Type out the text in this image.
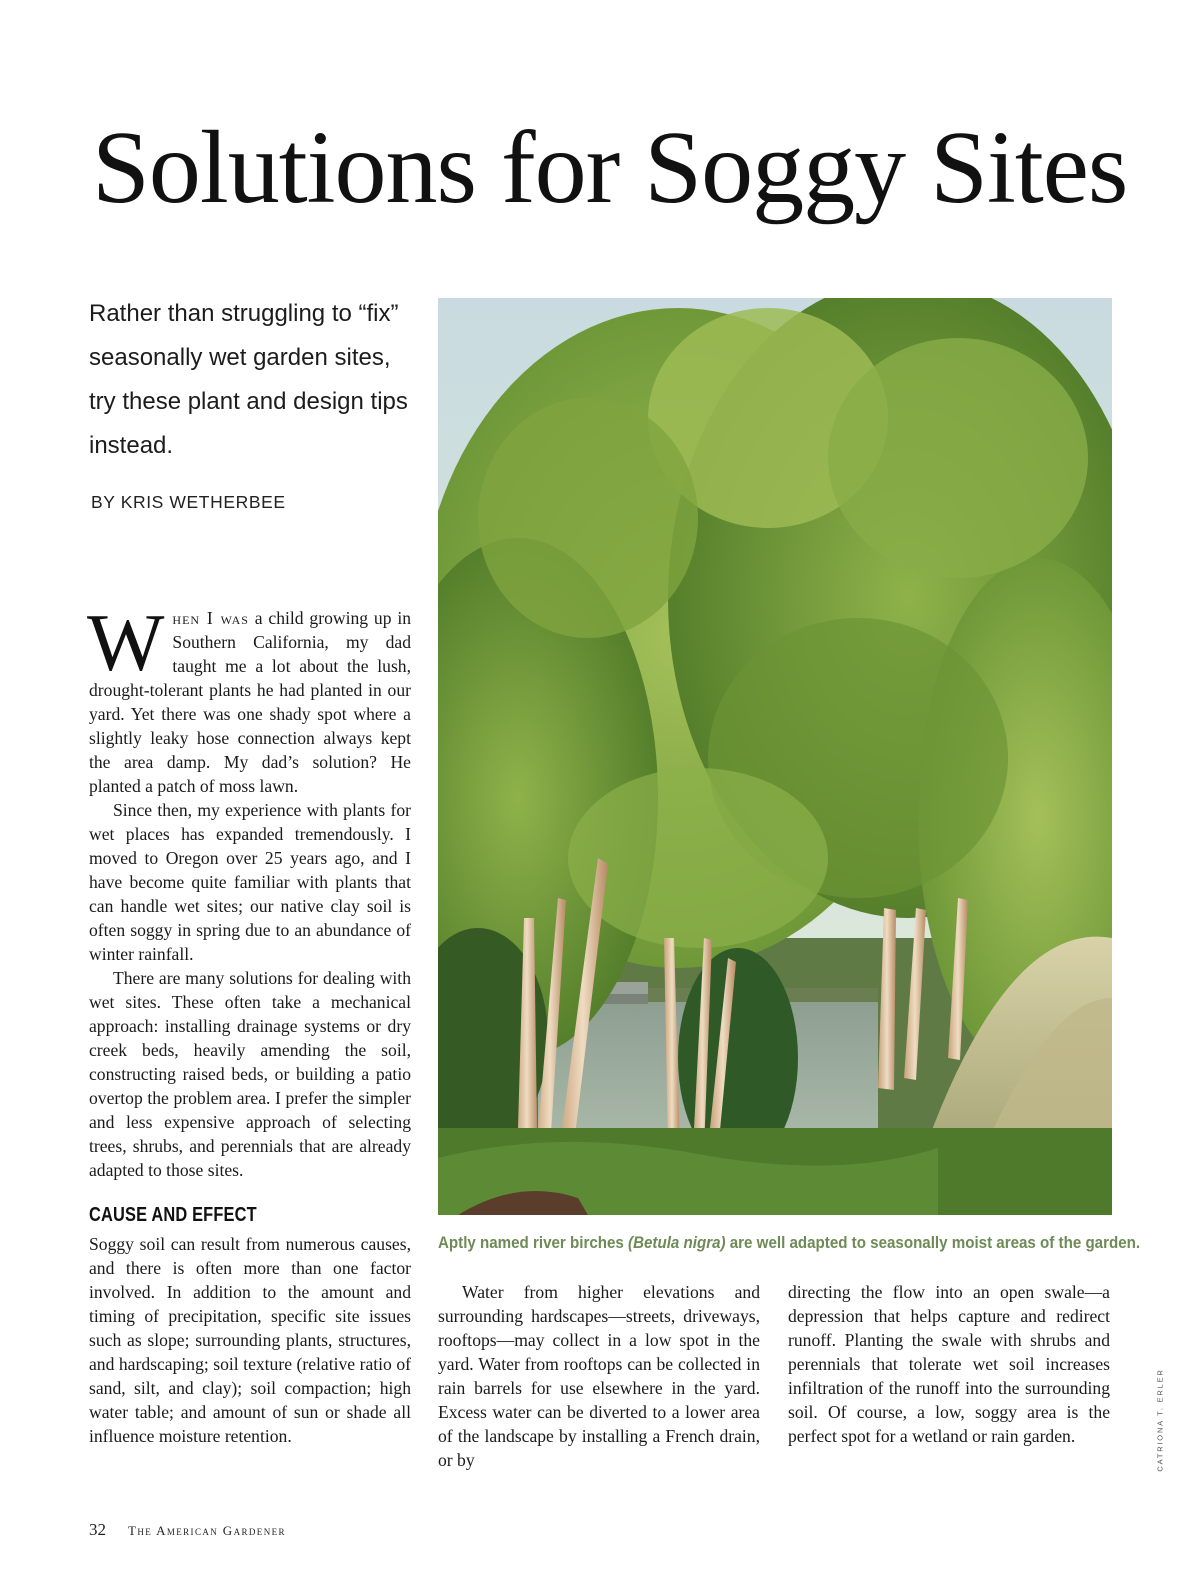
Solutions for Soggy Sites

Rather than struggling to “fix” seasonally wet garden sites, try these plant and design tips instead.

BY KRIS WETHERBEE

When I was a child growing up in Southern California, my dad taught me a lot about the lush, drought-tolerant plants he had planted in our yard. Yet there was one shady spot where a slightly leaky hose connection always kept the area damp. My dad’s solution? He planted a patch of moss lawn.

Since then, my experience with plants for wet places has expanded tremendously. I moved to Oregon over 25 years ago, and I have become quite familiar with plants that can handle wet sites; our native clay soil is often soggy in spring due to an abundance of winter rainfall.

There are many solutions for dealing with wet sites. These often take a mechanical approach: installing drainage systems or dry creek beds, heavily amending the soil, constructing raised beds, or building a patio overtop the problem area. I prefer the simpler and less expensive approach of selecting trees, shrubs, and perennials that are already adapted to those sites.

CAUSE AND EFFECT

Soggy soil can result from numerous causes, and there is often more than one factor involved. In addition to the amount and timing of precipitation, specific site issues such as slope; surrounding plants, structures, and hardscaping; soil texture (relative ratio of sand, silt, and clay); soil compaction; high water table; and amount of sun or shade all influence moisture retention.

Aptly named river birches (Betula nigra) are well adapted to seasonally moist areas of the garden.

Water from higher elevations and surrounding hardscapes—streets, driveways, rooftops—may collect in a low spot in the yard. Water from rooftops can be collected in rain barrels for use elsewhere in the yard. Excess water can be diverted to a lower area of the landscape by installing a French drain, or by

directing the flow into an open swale—a depression that helps capture and redirect runoff. Planting the swale with shrubs and perennials that tolerate wet soil increases infiltration of the runoff into the surrounding soil. Of course, a low, soggy area is the perfect spot for a wetland or rain garden.	CATRIONA T. ERLER
32 The American Gardener
